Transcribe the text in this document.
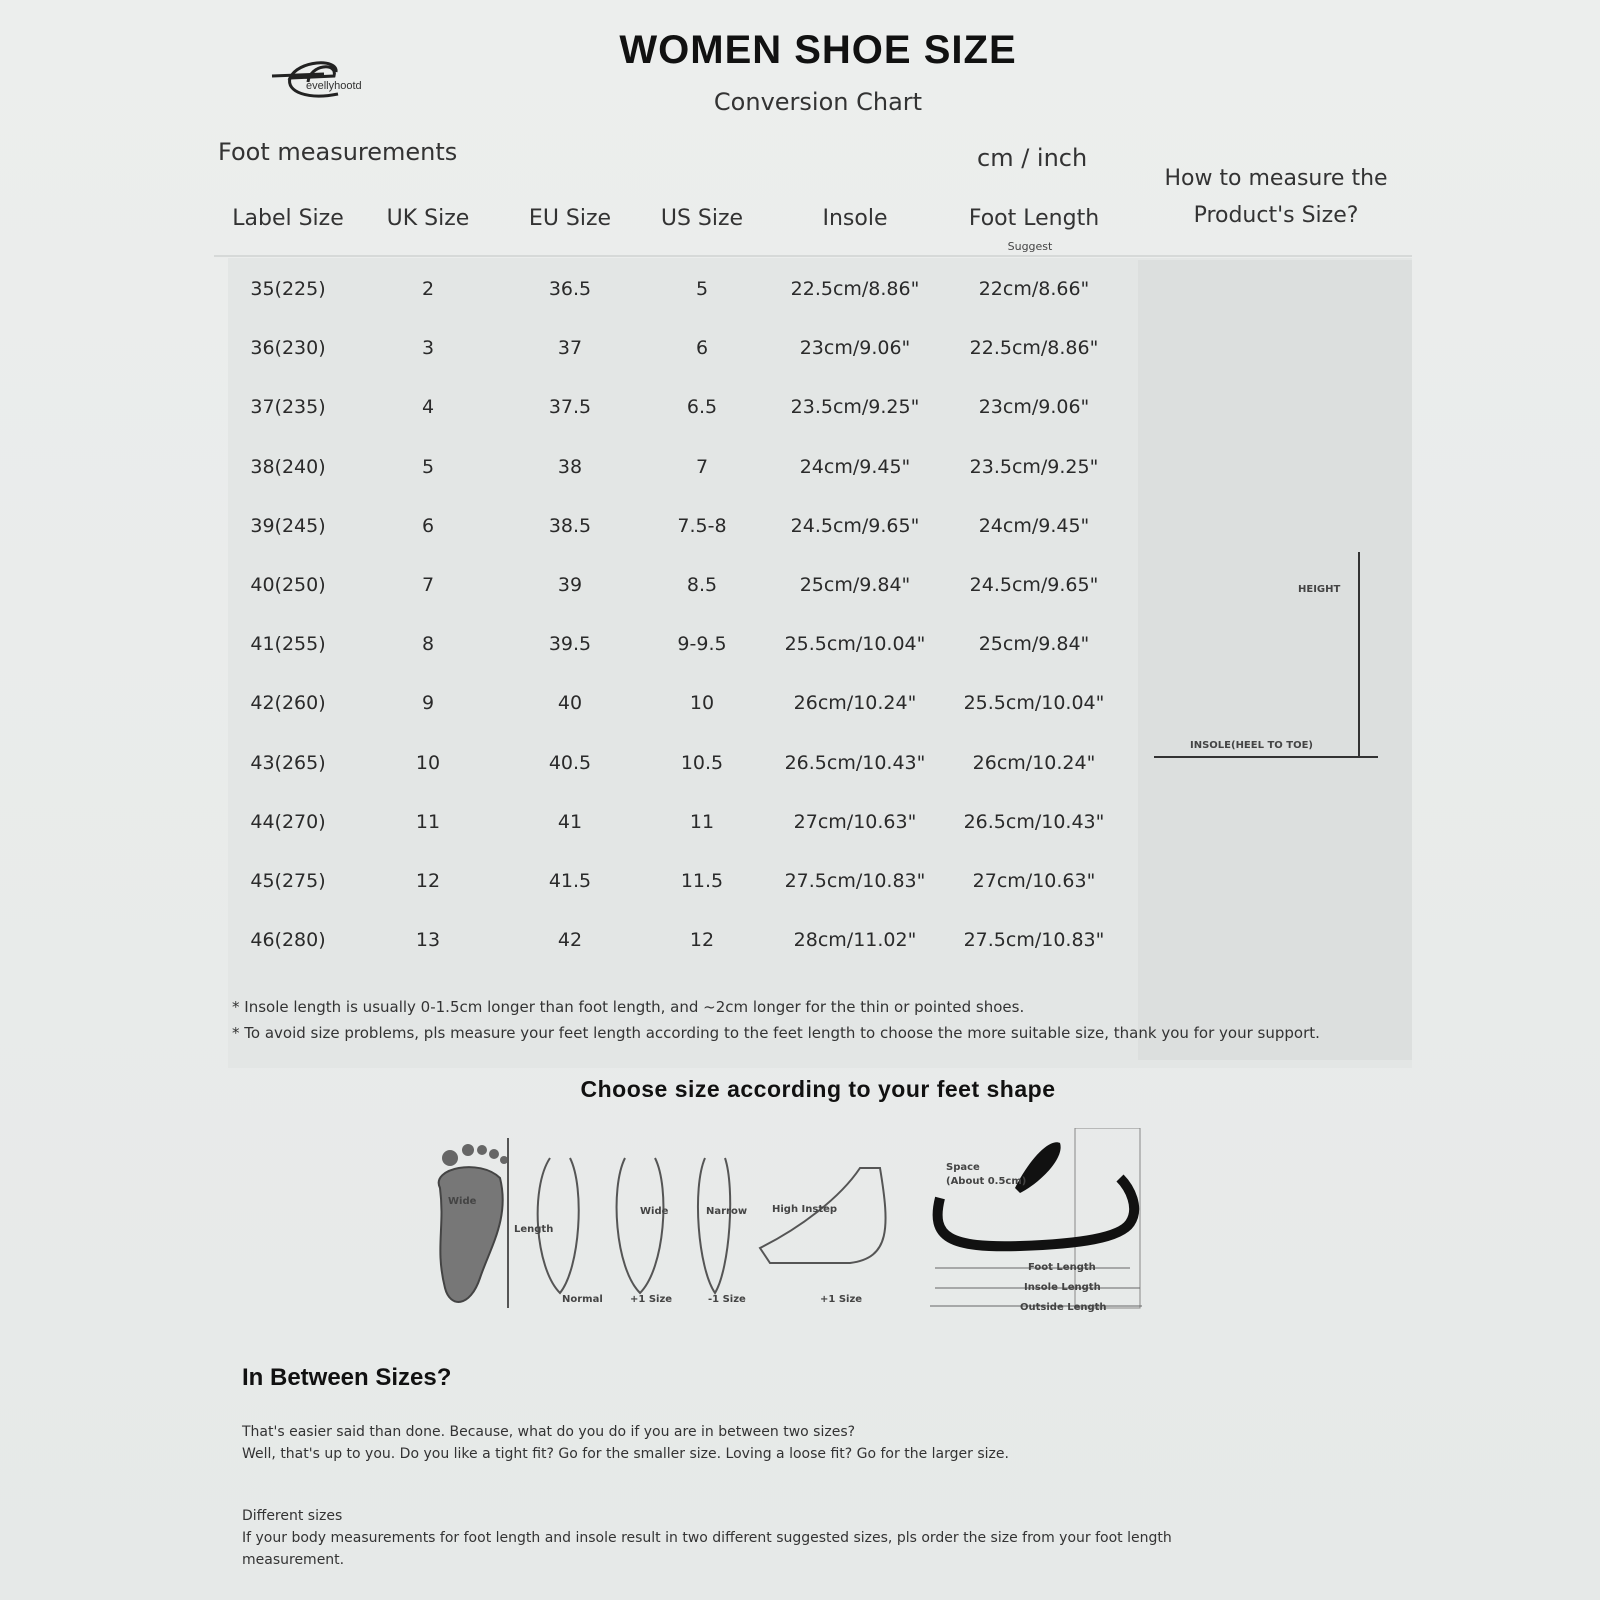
evellyhootd
WOMEN SHOE SIZE
Conversion Chart
Foot measurements	cm / inch
How to measure the
Product's Size?
Label Size	UK Size	EU Size	US Size	Insole	Foot Length
Suggest
35(225)	2	36.5	5	22.5cm/8.86"	22cm/8.66"
36(230)	3	37	6	23cm/9.06"	22.5cm/8.86"
37(235)	4	37.5	6.5	23.5cm/9.25"	23cm/9.06"
38(240)	5	38	7	24cm/9.45"	23.5cm/9.25"
39(245)	6	38.5	7.5-8	24.5cm/9.65"	24cm/9.45"
40(250)	7	39	8.5	25cm/9.84"	24.5cm/9.65"
41(255)	8	39.5	9-9.5	25.5cm/10.04"	25cm/9.84"
42(260)	9	40	10	26cm/10.24"	25.5cm/10.04"
43(265)	10	40.5	10.5	26.5cm/10.43"	26cm/10.24"
44(270)	11	41	11	27cm/10.63"	26.5cm/10.43"
45(275)	12	41.5	11.5	27.5cm/10.83"	27cm/10.63"
46(280)	13	42	12	28cm/11.02"	27.5cm/10.83"
HEIGHT
INSOLE(HEEL TO TOE)
* Insole length is usually 0-1.5cm longer than foot length, and ~2cm longer for the thin or pointed shoes.
* To avoid size problems, pls measure your feet length according to the feet length to choose the more suitable size, thank you for your support.
Choose size according to your feet shape
Wide
Length
Normal
Wide
+1 Size
Narrow
-1 Size
High Instep
+1 Size
Space
(About 0.5cm)
Foot Length
Insole Length
Outside Length
In Between Sizes?
That's easier said than done. Because, what do you do if you are in between two sizes?
Well, that's up to you. Do you like a tight fit? Go for the smaller size. Loving a loose fit? Go for the larger size.
Different sizes
If your body measurements for foot length and insole result in two different suggested sizes, pls order the size from your foot length
measurement.
